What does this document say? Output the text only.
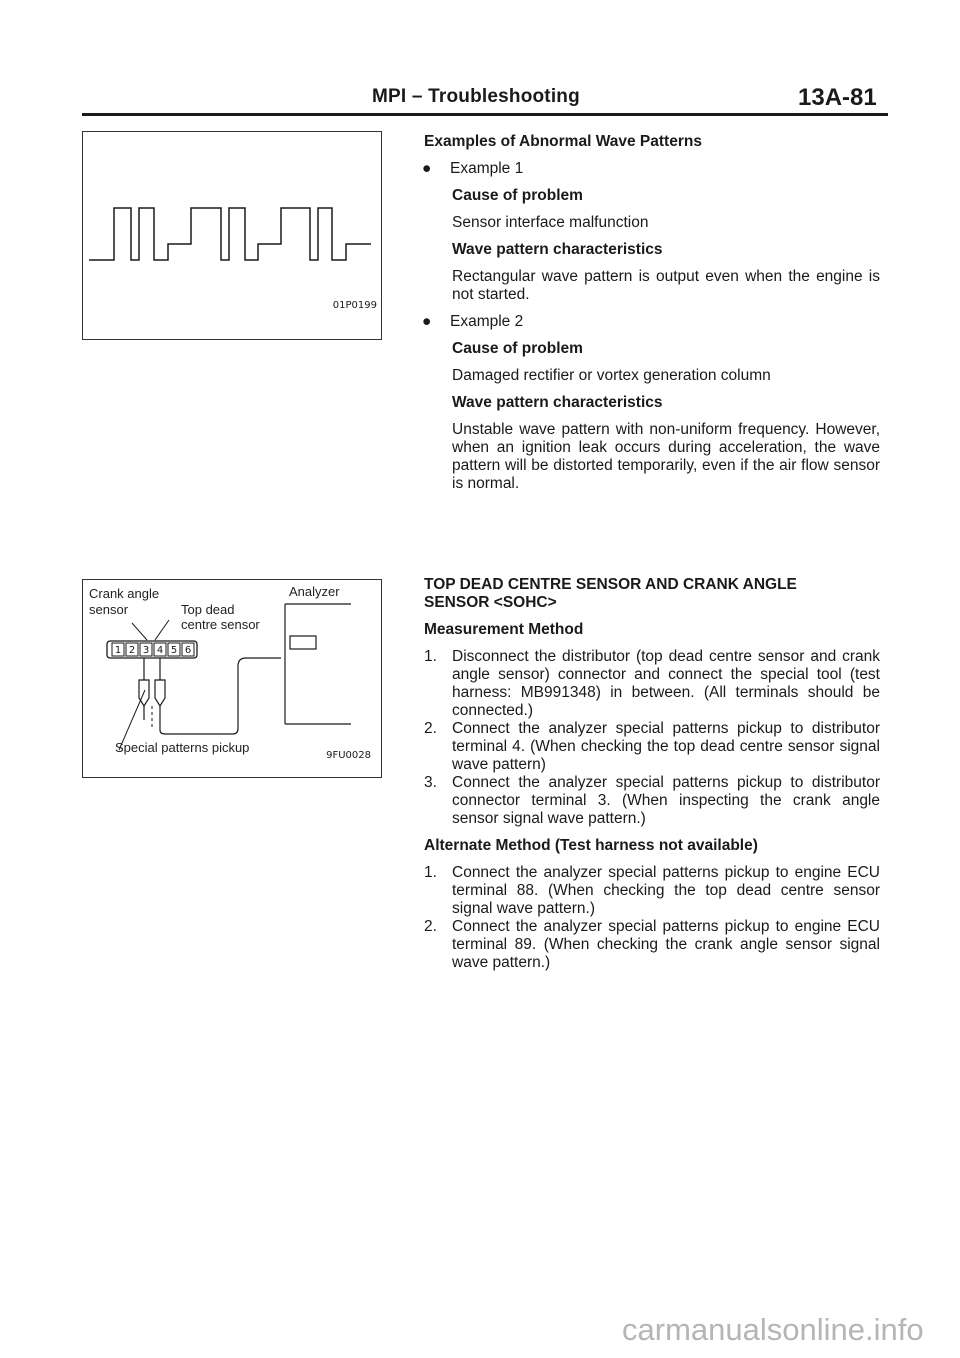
MPI – Troubleshooting	13A-81
01P0199
1 2 3 4 5 6
Crank angle
sensor	Top dead
centre sensor
Analyzer
Special patterns pickup
9FU0028

Examples of Abnormal Wave Patterns

●	Example 1

Cause of problem

Sensor interface malfunction

Wave pattern characteristics

Rectangular wave pattern is output even when the engine is not started.

●	Example 2

Cause of problem

Damaged rectifier or vortex generation column

Wave pattern characteristics

Unstable wave pattern with non-uniform frequency. However, when an ignition leak occurs during acceleration, the wave pattern will be distorted temporarily, even if the air flow sensor is normal.

TOP DEAD CENTRE SENSOR AND CRANK ANGLE

SENSOR <SOHC>

Measurement Method

1. Disconnect the distributor (top dead centre sensor and crank angle sensor) connector and connect the special tool (test harness: MB991348) in between. (All terminals should be connected.)
2. Connect the analyzer special patterns pickup to distributor terminal 4. (When checking the top dead centre sensor signal wave pattern)
3. Connect the analyzer special patterns pickup to distributor connector terminal 3. (When inspecting the crank angle sensor signal wave pattern.)

Alternate Method (Test harness not available)

1. Connect the analyzer special patterns pickup to engine ECU terminal 88. (When checking the top dead centre sensor signal wave pattern.)
2. Connect the analyzer special patterns pickup to engine ECU terminal 89. (When checking the crank angle sensor signal wave pattern.)
carmanualsonline.info
